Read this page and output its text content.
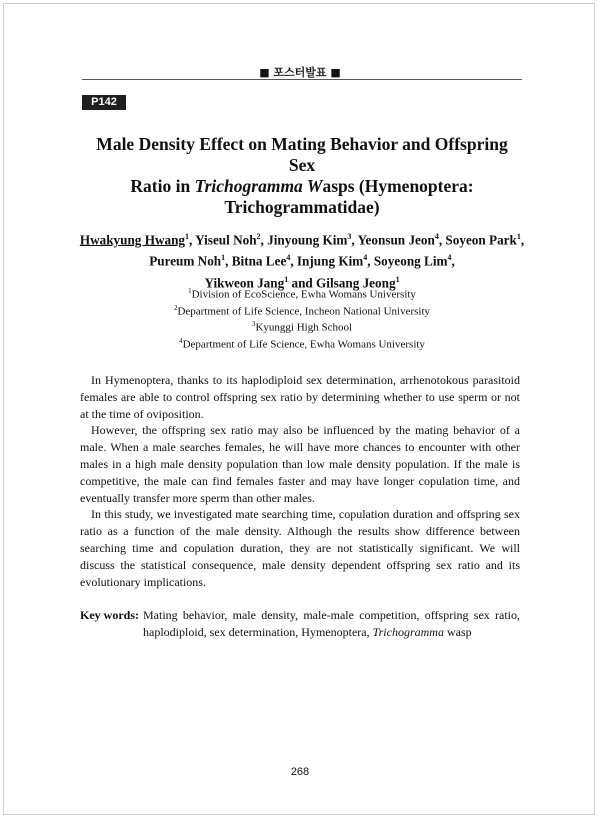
■ 포스터발표 ■
P142
Male Density Effect on Mating Behavior and Offspring Sex
Ratio in Trichogramma Wasps (Hymenoptera:
Trichogrammatidae)
Hwakyung Hwang$^1$, Yiseul Noh$^2$, Jinyoung Kim$^3$, Yeonsun Jeon$^4$, Soyeon Park$^1$,
Pureum Noh$^1$, Bitna Lee$^4$, Injung Kim$^4$, Soyeong Lim$^4$,
Yikweon Jang$^1$ and Gilsang Jeong$^1$
$^1$Division of EcoScience, Ewha Womans University
$^2$Department of Life Science, Incheon National University
$^3$Kyunggi High School
$^4$Department of Life Science, Ewha Womans University

In Hymenoptera, thanks to its haplodiploid sex determination, arrhenotokous parasitoid females are able to control offspring sex ratio by determining whether to use sperm or not at the time of oviposition.

However, the offspring sex ratio may also be influenced by the mating behavior of a male. When a male searches females, he will have more chances to encounter with other males in a high male density population than low male density population. If the male is competitive, the male can find females faster and may have longer copulation time, and eventually transfer more sperm than other males.

In this study, we investigated mate searching time, copulation duration and offspring sex ratio as a function of the male density. Although the results show difference between searching time and copulation duration, they are not statistically significant. We will discuss the statistical consequence, male density dependent offspring sex ratio and its evolutionary implications.

Key words: Mating behavior, male density, male-male competition, offspring sex ratio, haplodiploid, sex determination, Hymenoptera, Trichogramma wasp
268
